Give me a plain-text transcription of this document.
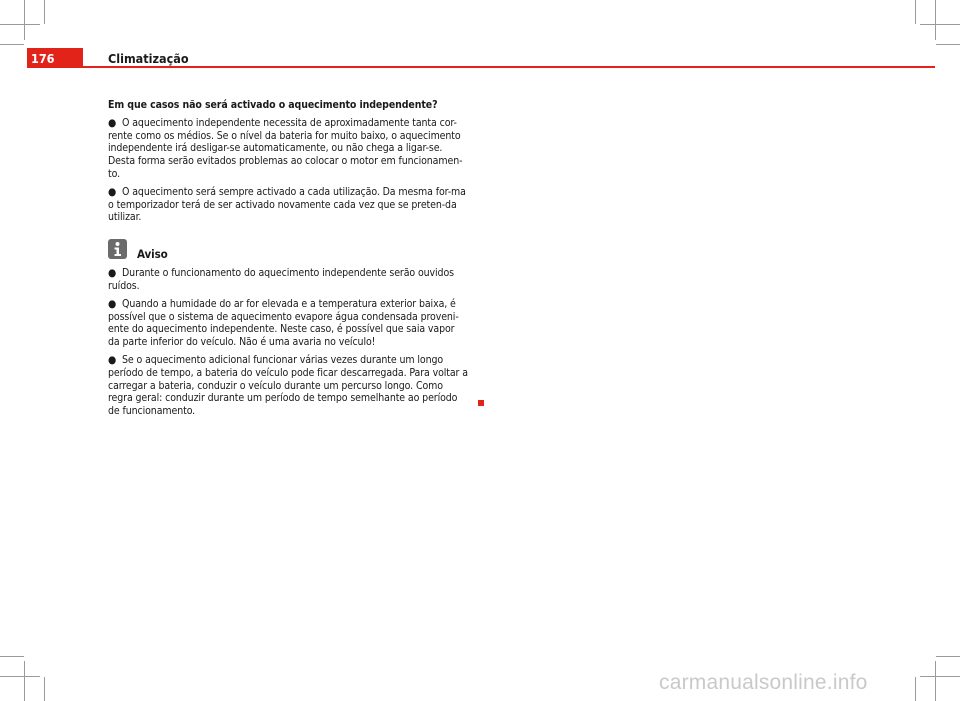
176	Climatização
Em que casos não será activado o aquecimento independente?
● O aquecimento independente necessita de aproximadamente tanta cor-rente como os médios. Se o nível da bateria for muito baixo, o aquecimento independente irá desligar-se automaticamente, ou não chega a ligar-se. Desta forma serão evitados problemas ao colocar o motor em funcionamen-to.
● O aquecimento será sempre activado a cada utilização. Da mesma for-ma o temporizador terá de ser activado novamente cada vez que se preten-da utilizar.
Aviso
● Durante o funcionamento do aquecimento independente serão ouvidos ruídos.
● Quando a humidade do ar for elevada e a temperatura exterior baixa, é possível que o sistema de aquecimento evapore água condensada proveni-ente do aquecimento independente. Neste caso, é possível que saia vapor da parte inferior do veículo. Não é uma avaria no veículo!
● Se o aquecimento adicional funcionar várias vezes durante um longo período de tempo, a bateria do veículo pode ficar descarregada. Para voltar a carregar a bateria, conduzir o veículo durante um percurso longo. Como regra geral: conduzir durante um período de tempo semelhante ao período de funcionamento.
carmanualsonline.info
